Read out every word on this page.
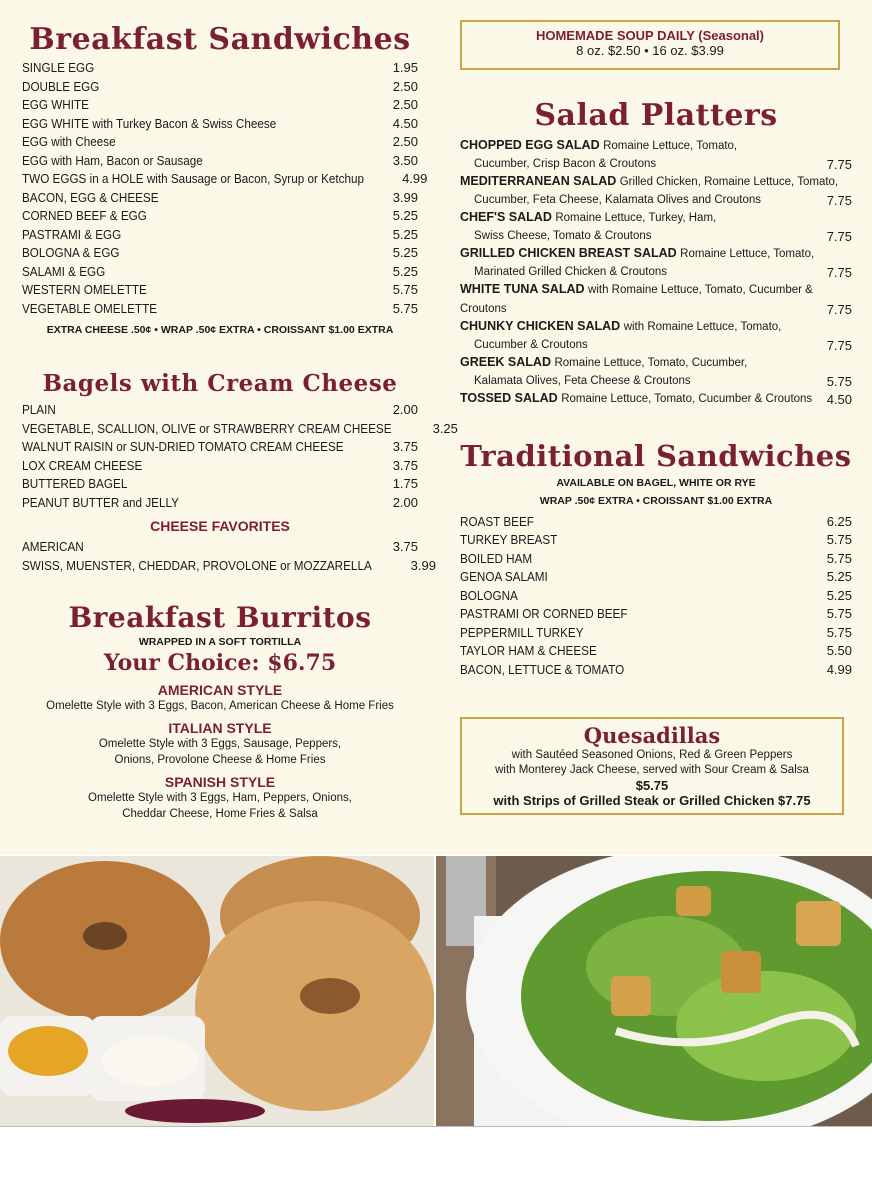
Breakfast Sandwiches
SINGLE EGG	1.95
DOUBLE EGG	2.50
EGG WHITE	2.50
EGG WHITE with Turkey Bacon & Swiss Cheese	4.50
EGG with Cheese	2.50
EGG with Ham, Bacon or Sausage	3.50
TWO EGGS in a HOLE with Sausage or Bacon, Syrup or Ketchup	4.99
BACON, EGG & CHEESE	3.99
CORNED BEEF & EGG	5.25
PASTRAMI & EGG	5.25
BOLOGNA & EGG	5.25
SALAMI & EGG	5.25
WESTERN OMELETTE	5.75
VEGETABLE OMELETTE	5.75
EXTRA CHEESE .50¢ • WRAP .50¢ EXTRA • CROISSANT $1.00 EXTRA
Bagels with Cream Cheese
PLAIN	2.00
VEGETABLE, SCALLION, OLIVE or STRAWBERRY CREAM CHEESE	3.25
WALNUT RAISIN or SUN-DRIED TOMATO CREAM CHEESE	3.75
LOX CREAM CHEESE	3.75
BUTTERED BAGEL	1.75
PEANUT BUTTER and JELLY	2.00
CHEESE FAVORITES
AMERICAN	3.75
SWISS, MUENSTER, CHEDDAR, PROVOLONE or MOZZARELLA	3.99
Breakfast Burritos
WRAPPED IN A SOFT TORTILLA
Your Choice: $6.75
AMERICAN STYLE
Omelette Style with 3 Eggs, Bacon, American Cheese & Home Fries
ITALIAN STYLE
Omelette Style with 3 Eggs, Sausage, Peppers,
Onions, Provolone Cheese & Home Fries
SPANISH STYLE
Omelette Style with 3 Eggs, Ham, Peppers, Onions,
Cheddar Cheese, Home Fries & Salsa
HOMEMADE SOUP DAILY (Seasonal)
8 oz. $2.50 • 16 oz. $3.99
Salad Platters
CHOPPED EGG SALAD Romaine Lettuce, Tomato,
Cucumber, Crisp Bacon & Croutons	7.75
MEDITERRANEAN SALAD Grilled Chicken, Romaine Lettuce, Tomato,
Cucumber, Feta Cheese, Kalamata Olives and Croutons	7.75
CHEF'S SALAD Romaine Lettuce, Turkey, Ham,
Swiss Cheese, Tomato & Croutons	7.75
GRILLED CHICKEN BREAST SALAD Romaine Lettuce, Tomato,
Marinated Grilled Chicken & Croutons	7.75
WHITE TUNA SALAD with Romaine Lettuce, Tomato, Cucumber & Croutons	7.75
CHUNKY CHICKEN SALAD with Romaine Lettuce, Tomato,
Cucumber & Croutons	7.75
GREEK SALAD Romaine Lettuce, Tomato, Cucumber,
Kalamata Olives, Feta Cheese & Croutons	5.75
TOSSED SALAD Romaine Lettuce, Tomato, Cucumber & Croutons	4.50
Traditional Sandwiches
AVAILABLE ON BAGEL, WHITE OR RYE
WRAP .50¢ EXTRA • CROISSANT $1.00 EXTRA
ROAST BEEF	6.25
TURKEY BREAST	5.75
BOILED HAM	5.75
GENOA SALAMI	5.25
BOLOGNA	5.25
PASTRAMI OR CORNED BEEF	5.75
PEPPERMILL TURKEY	5.75
TAYLOR HAM & CHEESE	5.50
BACON, LETTUCE & TOMATO	4.99
Quesadillas
with Sautéed Seasoned Onions, Red & Green Peppers
with Monterey Jack Cheese, served with Sour Cream & Salsa
$5.75
with Strips of Grilled Steak or Grilled Chicken $7.75
